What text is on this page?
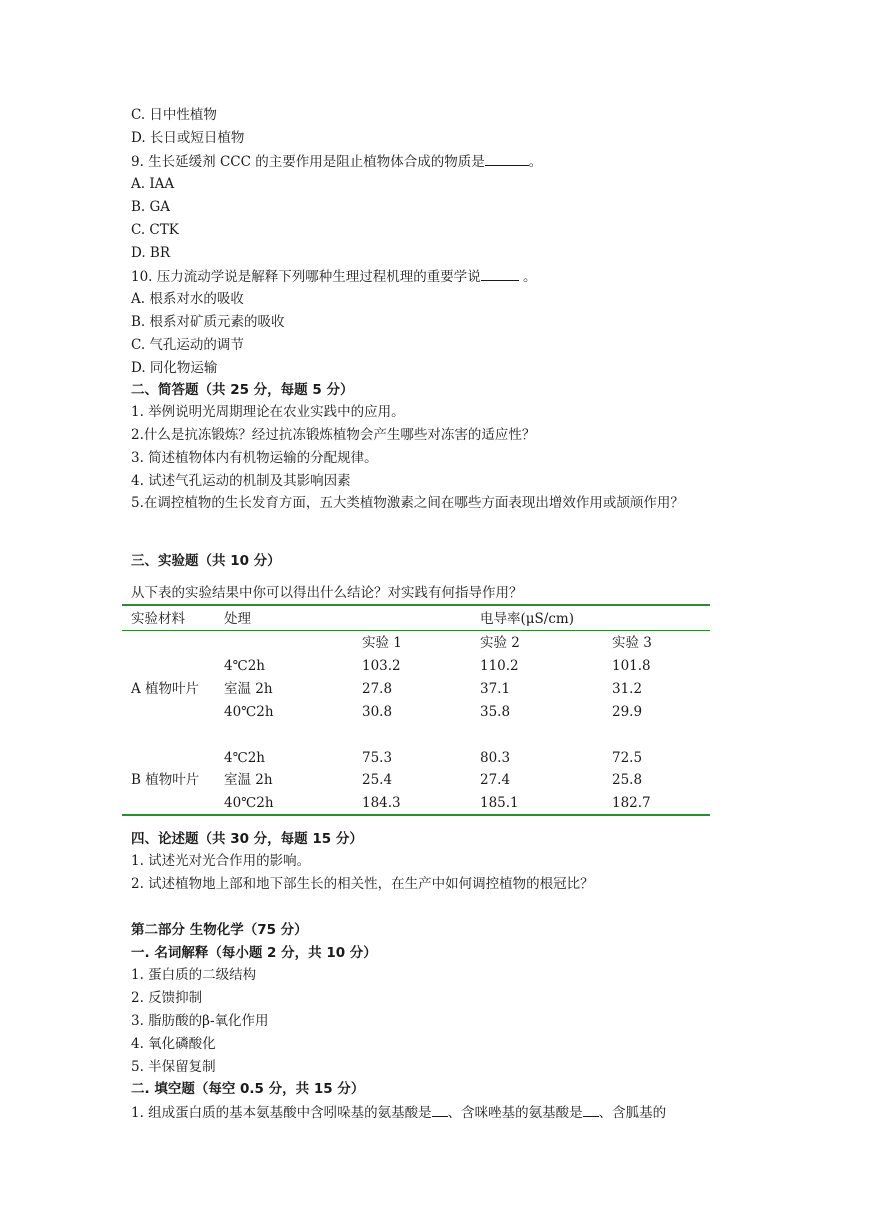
C. 日中性植物
D. 长日或短日植物
9. 生长延缓剂 CCC 的主要作用是阻止植物体合成的物质是	。
A. IAA
B. GA
C. CTK
D. BR
10. 压力流动学说是解释下列哪种生理过程机理的重要学说	。
A. 根系对水的吸收
B. 根系对矿质元素的吸收
C. 气孔运动的调节
D. 同化物运输
二、简答题（共 25 分，每题 5 分）
1. 举例说明光周期理论在农业实践中的应用。
2.什么是抗冻锻炼？经过抗冻锻炼植物会产生哪些对冻害的适应性？
3. 简述植物体内有机物运输的分配规律。
4. 试述气孔运动的机制及其影响因素
5.在调控植物的生长发育方面，五大类植物激素之间在哪些方面表现出增效作用或颉颃作用？
三、实验题（共 10 分）
从下表的实验结果中你可以得出什么结论？对实践有何指导作用？
实验材料	处理	电导率(μS/cm)
实验 1	实验 2	实验 3
A 植物叶片
4℃2h	103.2	110.2	101.8
室温 2h	27.8	37.1	31.2
40℃2h	30.8	35.8	29.9
B 植物叶片
4℃2h	75.3	80.3	72.5
室温 2h	25.4	27.4	25.8
40℃2h	184.3	185.1	182.7
四、论述题（共 30 分，每题 15 分）
1. 试述光对光合作用的影响。
2. 试述植物地上部和地下部生长的相关性，在生产中如何调控植物的根冠比？
第二部分 生物化学（75 分）
一. 名词解释（每小题 2 分，共 10 分）
1. 蛋白质的二级结构
2. 反馈抑制
3. 脂肪酸的β-氧化作用
4. 氧化磷酸化
5. 半保留复制
二. 填空题（每空 0.5 分，共 15 分）
1. 组成蛋白质的基本氨基酸中含吲哚基的氨基酸是 、含咪唑基的氨基酸是 、含胍基的
